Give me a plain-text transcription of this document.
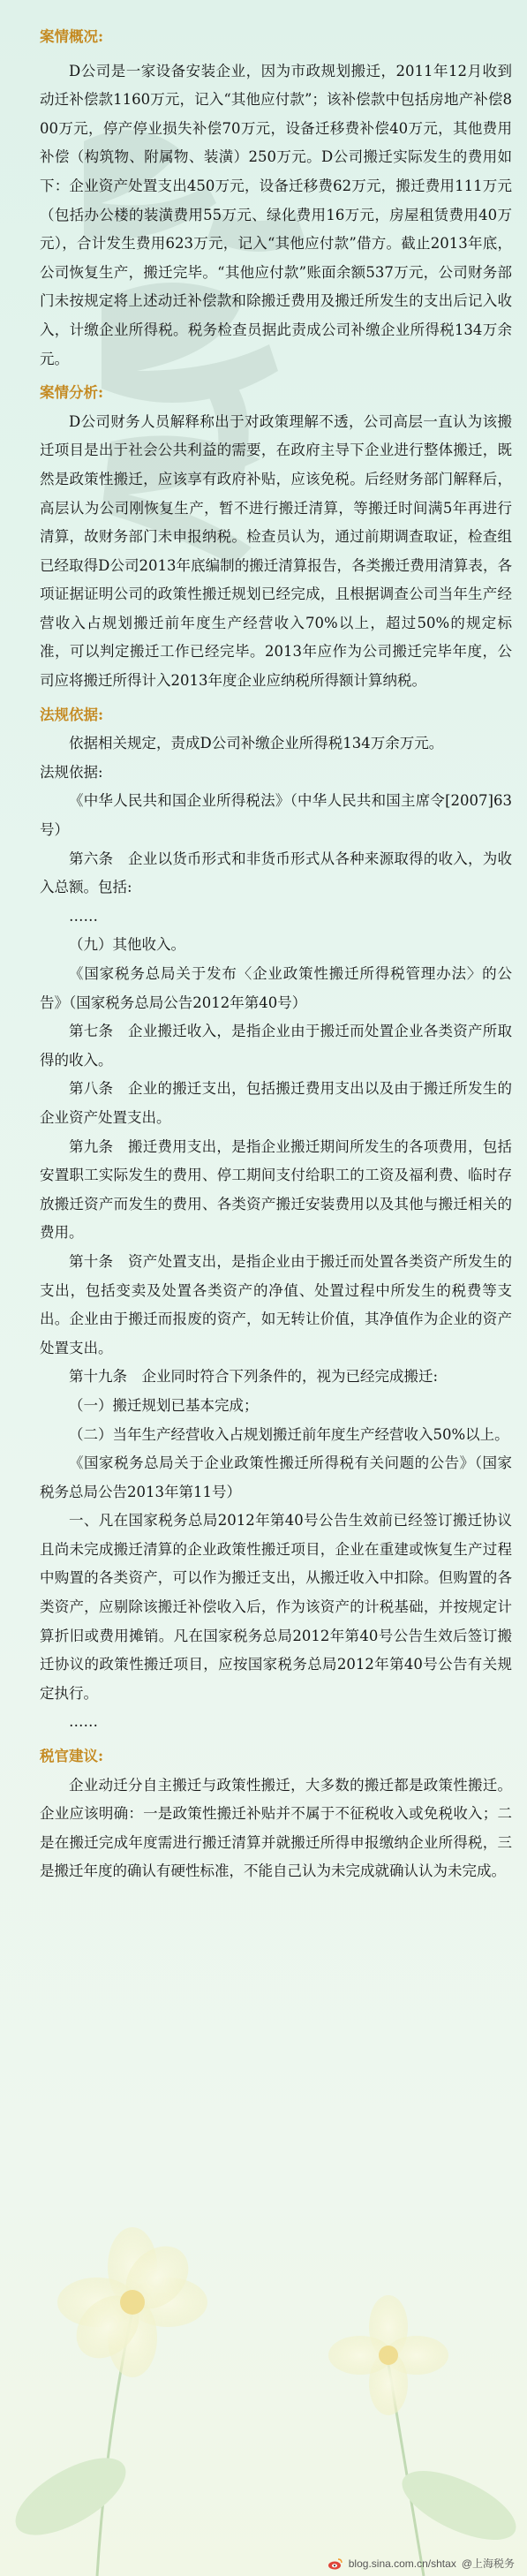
案情概况:

D公司是一家设备安装企业，因为市政规划搬迁，2011年12月收到动迁补偿款1160万元，记入“其他应付款”；该补偿款中包括房地产补偿800万元，停产停业损失补偿70万元，设备迁移费补偿40万元，其他费用补偿（构筑物、附属物、装潢）250万元。D公司搬迁实际发生的费用如下：企业资产处置支出450万元，设备迁移费62万元，搬迁费用111万元（包括办公楼的装潢费用55万元、绿化费用16万元，房屋租赁费用40万元），合计发生费用623万元，记入“其他应付款”借方。截止2013年底，公司恢复生产，搬迁完毕。“其他应付款”账面余额537万元，公司财务部门未按规定将上述动迁补偿款和除搬迁费用及搬迁所发生的支出后记入收入，计缴企业所得税。税务检查员据此责成公司补缴企业所得税134万余元。

案情分析:

D公司财务人员解释称出于对政策理解不透，公司高层一直认为该搬迁项目是出于社会公共利益的需要，在政府主导下企业进行整体搬迁，既然是政策性搬迁，应该享有政府补贴，应该免税。后经财务部门解释后，高层认为公司刚恢复生产，暂不进行搬迁清算，等搬迁时间满5年再进行清算，故财务部门未申报纳税。检查员认为，通过前期调查取证，检查组已经取得D公司2013年底编制的搬迁清算报告，各类搬迁费用清算表，各项证据证明公司的政策性搬迁规划已经完成，且根据调查公司当年生产经营收入占规划搬迁前年度生产经营收入70%以上，超过50%的规定标准，可以判定搬迁工作已经完毕。2013年应作为公司搬迁完毕年度，公司应将搬迁所得计入2013年度企业应纳税所得额计算纳税。

法规依据:

依据相关规定，责成D公司补缴企业所得税134万余万元。

法规依据:

《中华人民共和国企业所得税法》（中华人民共和国主席令[2007]63号）

第六条　企业以货币形式和非货币形式从各种来源取得的收入，为收入总额。包括:

……

（九）其他收入。

《国家税务总局关于发布〈企业政策性搬迁所得税管理办法〉的公告》（国家税务总局公告2012年第40号）

第七条　企业搬迁收入，是指企业由于搬迁而处置企业各类资产所取得的收入。

第八条　企业的搬迁支出，包括搬迁费用支出以及由于搬迁所发生的企业资产处置支出。

第九条　搬迁费用支出，是指企业搬迁期间所发生的各项费用，包括安置职工实际发生的费用、停工期间支付给职工的工资及福利费、临时存放搬迁资产而发生的费用、各类资产搬迁安装费用以及其他与搬迁相关的费用。

第十条　资产处置支出，是指企业由于搬迁而处置各类资产所发生的支出，包括变卖及处置各类资产的净值、处置过程中所发生的税费等支出。企业由于搬迁而报废的资产，如无转让价值，其净值作为企业的资产处置支出。

第十九条　企业同时符合下列条件的，视为已经完成搬迁:

（一）搬迁规划已基本完成；

（二）当年生产经营收入占规划搬迁前年度生产经营收入50%以上。

《国家税务总局关于企业政策性搬迁所得税有关问题的公告》（国家税务总局公告2013年第11号）

一、凡在国家税务总局2012年第40号公告生效前已经签订搬迁协议且尚未完成搬迁清算的企业政策性搬迁项目，企业在重建或恢复生产过程中购置的各类资产，可以作为搬迁支出，从搬迁收入中扣除。但购置的各类资产，应剔除该搬迁补偿收入后，作为该资产的计税基础，并按规定计算折旧或费用摊销。凡在国家税务总局2012年第40号公告生效后签订搬迁协议的政策性搬迁项目，应按国家税务总局2012年第40号公告有关规定执行。

……

税官建议:

企业动迁分自主搬迁与政策性搬迁，大多数的搬迁都是政策性搬迁。企业应该明确：一是政策性搬迁补贴并不属于不征税收入或免税收入；二是在搬迁完成年度需进行搬迁清算并就搬迁所得申报缴纳企业所得税，三是搬迁年度的确认有硬性标准，不能自己认为未完成就确认认为未完成。

blog.sina.com.cn/shtax @上海税务
